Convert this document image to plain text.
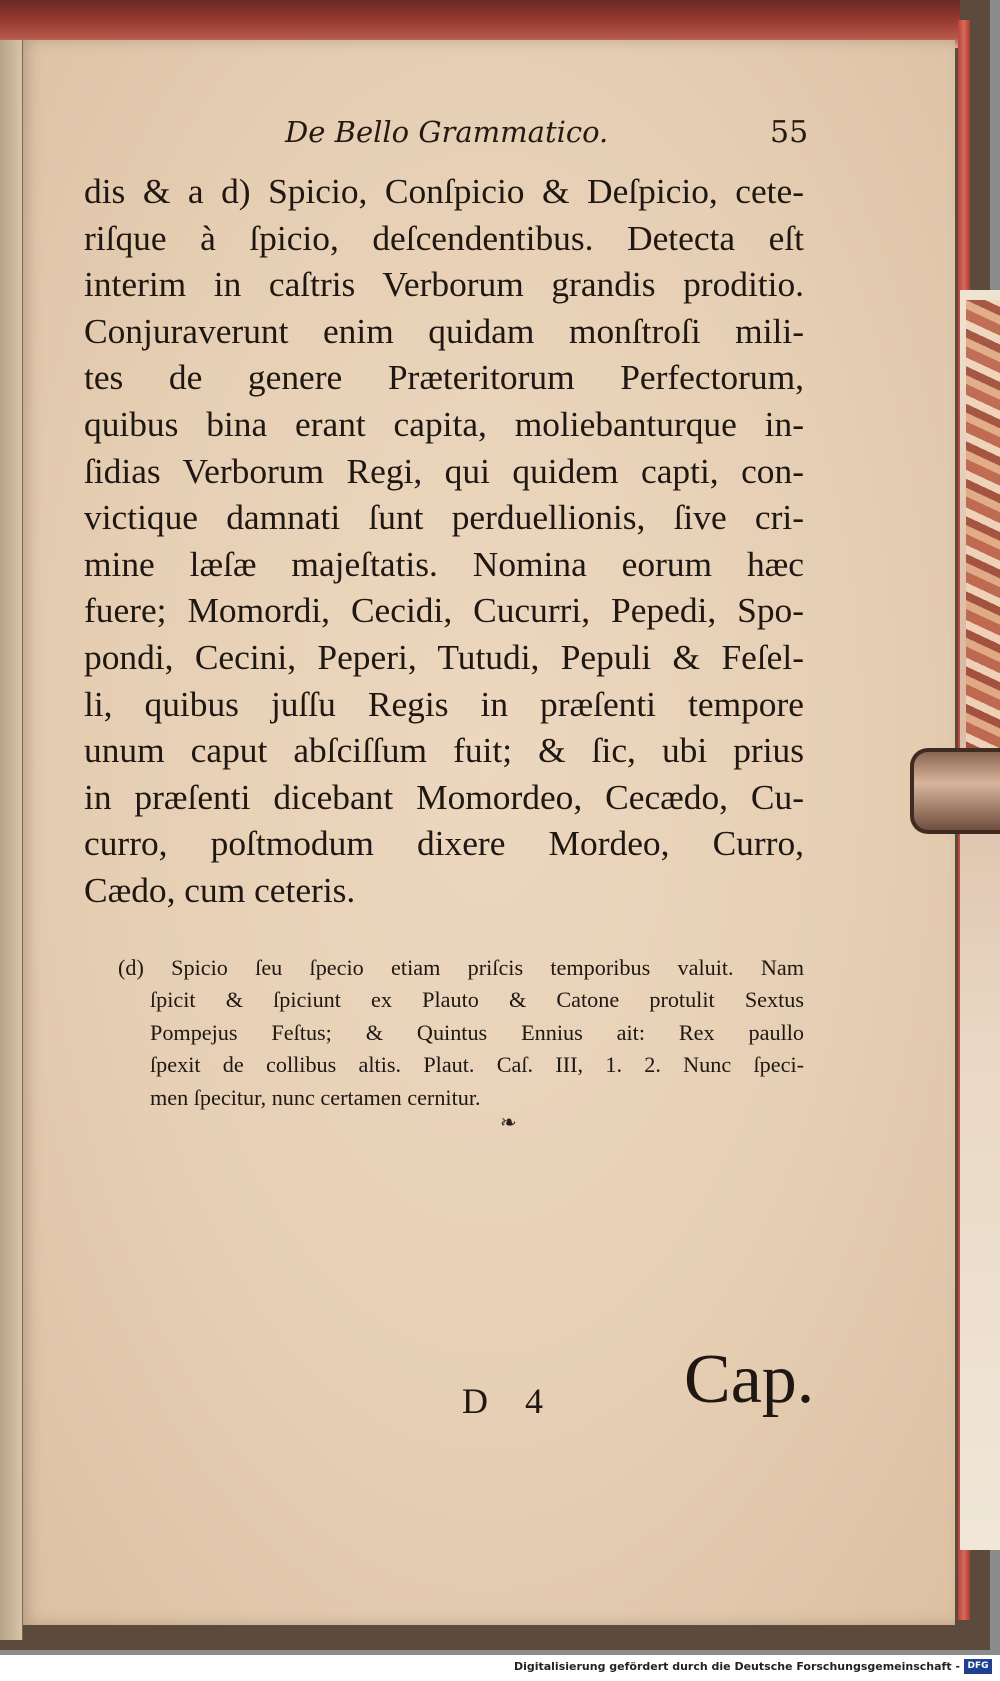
De Bello Grammatico.	55
dis & a d) Spicio, Conſpicio & Deſpicio, cete-
riſque à ſpicio, deſcendentibus. Detecta eſt
interim in caſtris Verborum grandis proditio.
Conjuraverunt enim quidam monſtroſi mili-
tes de genere Præteritorum Perfectorum,
quibus bina erant capita, moliebanturque in-
ſidias Verborum Regi, qui quidem capti, con-
victique damnati ſunt perduellionis, ſive cri-
mine læſæ majeſtatis. Nomina eorum hæc
fuere; Momordi, Cecidi, Cucurri, Pepedi, Spo-
pondi, Cecini, Peperi, Tutudi, Pepuli & Feſel-
li, quibus juſſu Regis in præſenti tempore
unum caput abſciſſum fuit; & ſic, ubi prius
in præſenti dicebant Momordeo, Cecædo, Cu-
curro, poſtmodum dixere Mordeo, Curro,
Cædo, cum ceteris.
(d) Spicio ſeu ſpecio etiam priſcis temporibus valuit. Nam
ſpicit & ſpiciunt ex Plauto & Catone protulit Sextus
Pompejus Feſtus; & Quintus Ennius ait: Rex paullo
ſpexit de collibus altis. Plaut. Caſ. III, 1. 2. Nunc ſpeci-
men ſpecitur, nunc certamen cernitur.
❧
D 4 Cap.
Digitalisierung gefördert durch die Deutsche Forschungsgemeinschaft - DFG
